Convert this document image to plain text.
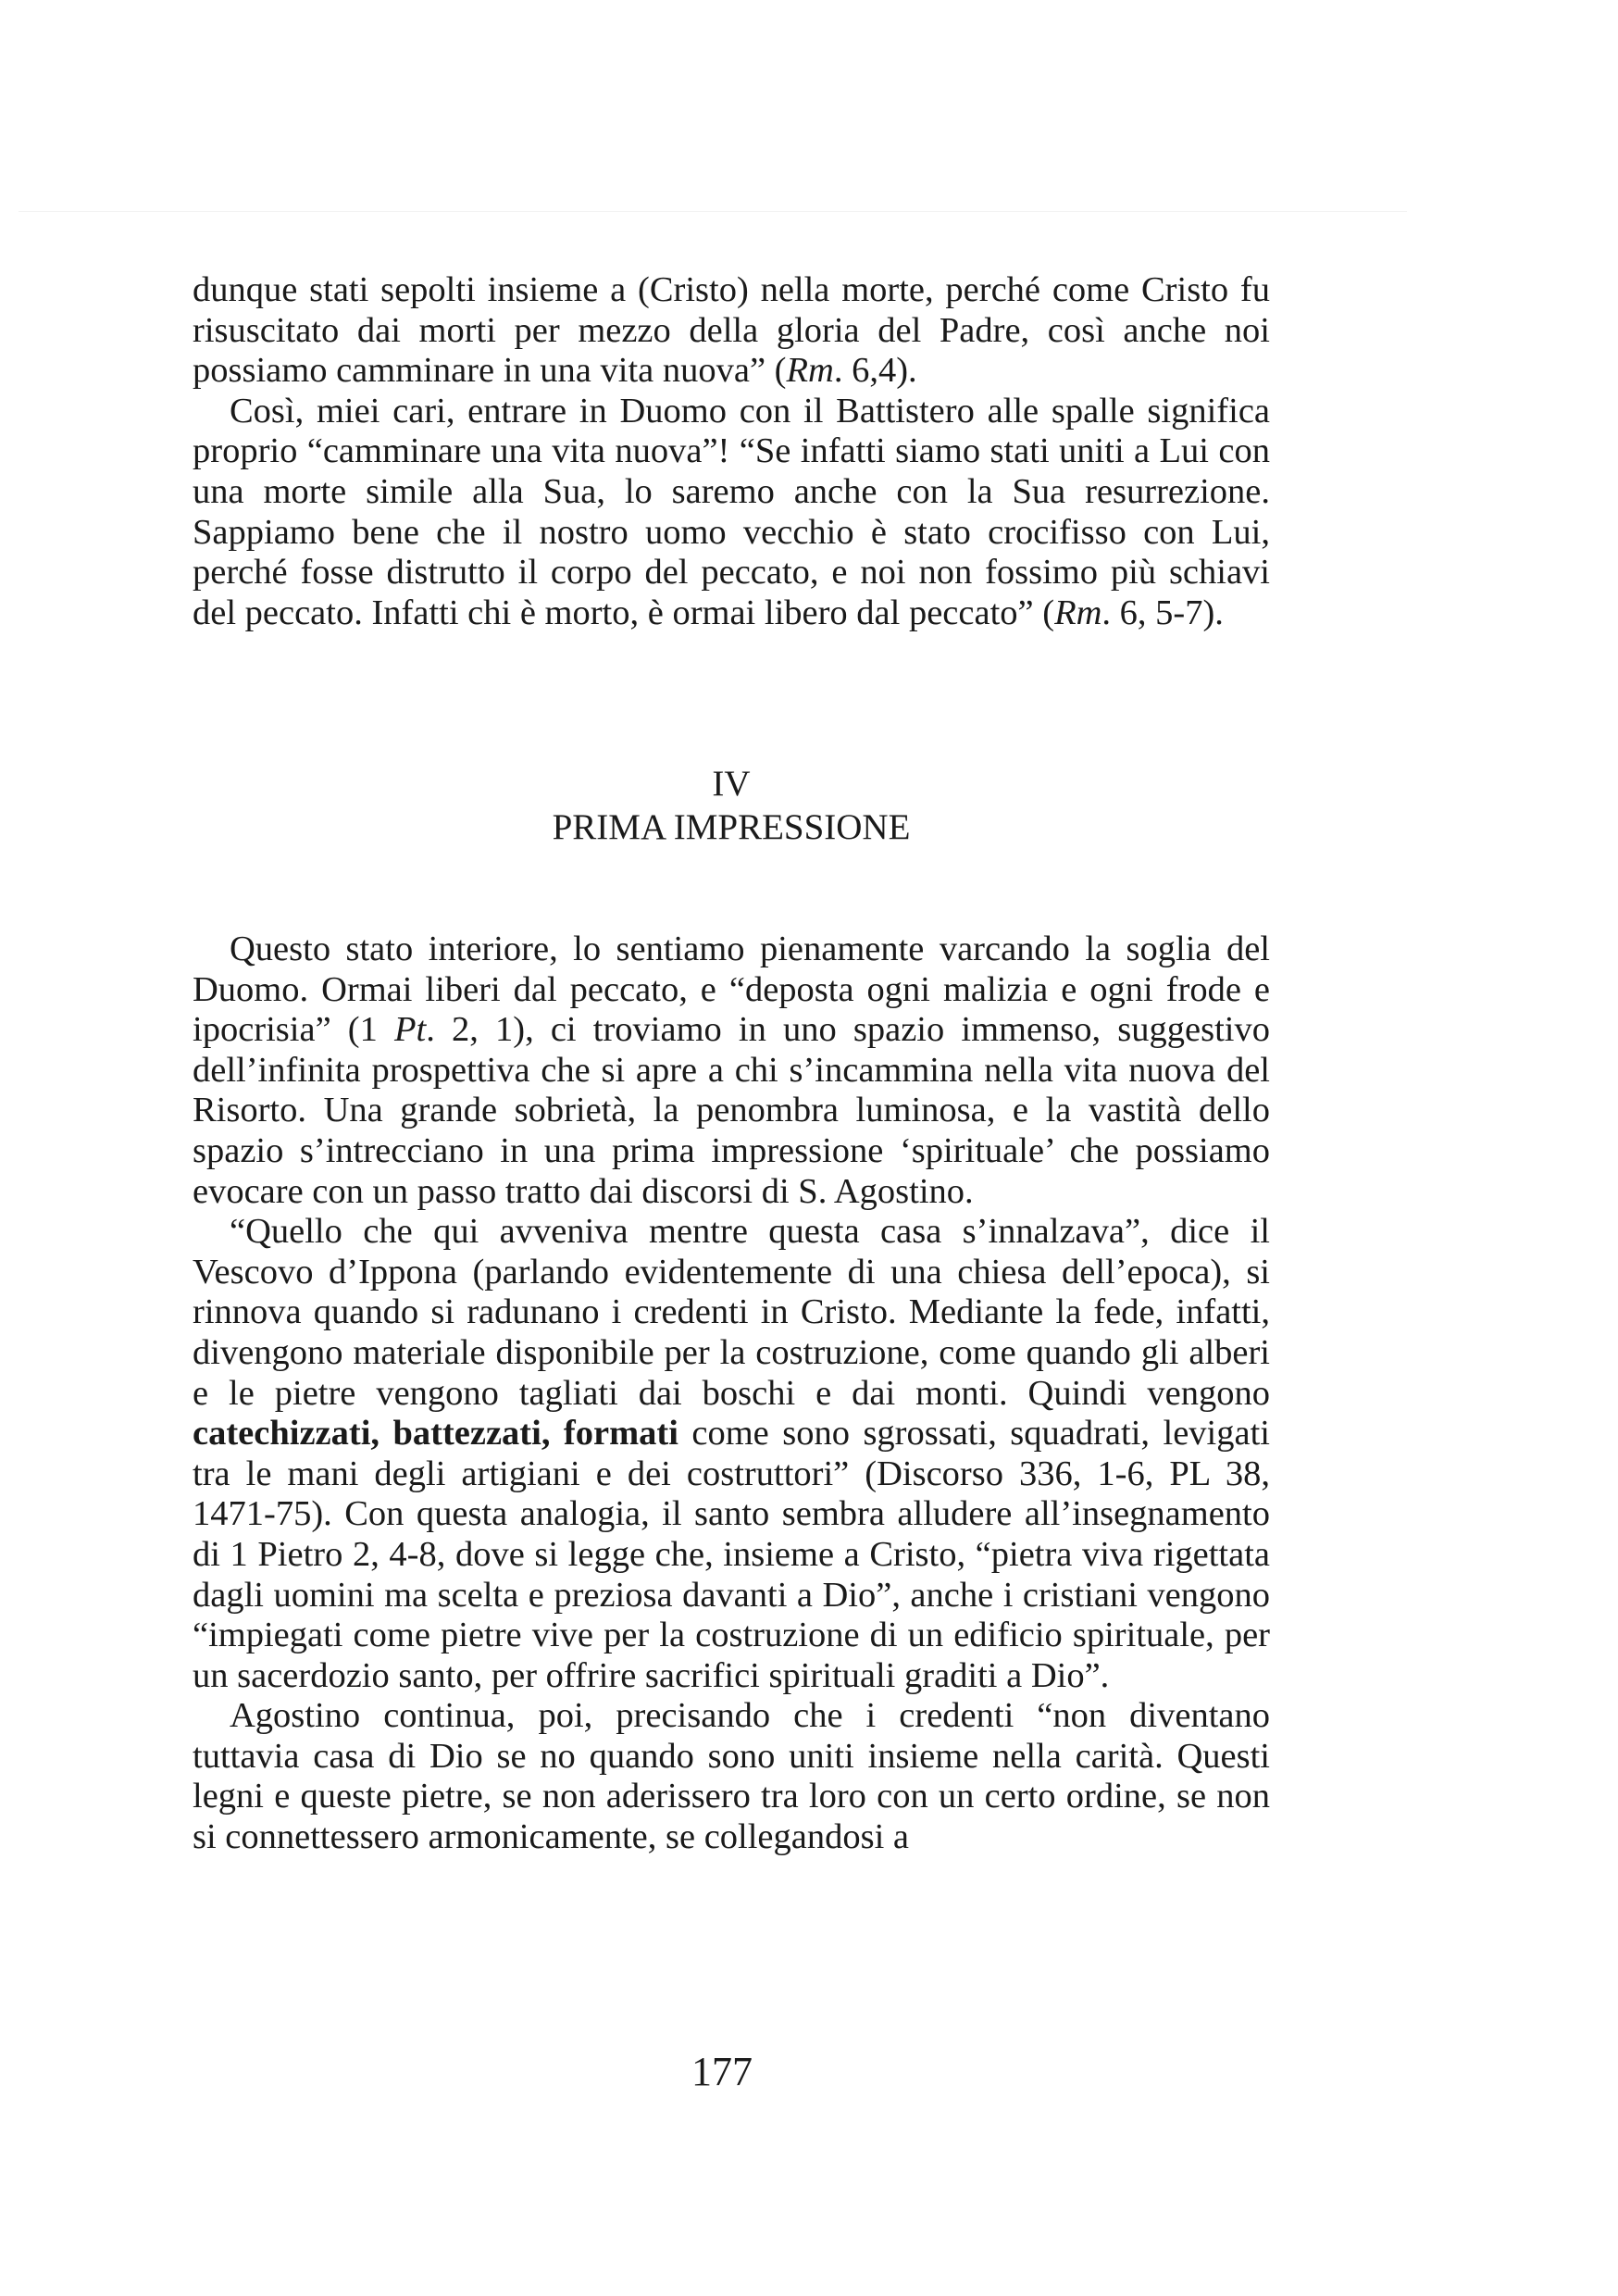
dunque stati sepolti insieme a (Cristo) nella morte, perché come Cristo fu risuscitato dai morti per mezzo della gloria del Padre, così anche noi possiamo camminare in una vita nuova” (Rm. 6,4).

Così, miei cari, entrare in Duomo con il Battistero alle spalle significa proprio “camminare una vita nuova”! “Se infatti siamo stati uniti a Lui con una morte simile alla Sua, lo saremo anche con la Sua resurrezione. Sappiamo bene che il nostro uomo vecchio è stato crocifisso con Lui, perché fosse distrutto il corpo del peccato, e noi non fossimo più schiavi del peccato. Infatti chi è morto, è ormai libero dal peccato” (Rm. 6, 5-7).

IV
PRIMA IMPRESSIONE

Questo stato interiore, lo sentiamo pienamente varcando la soglia del Duomo. Ormai liberi dal peccato, e “deposta ogni malizia e ogni frode e ipocrisia” (1 Pt. 2, 1), ci troviamo in uno spazio immenso, suggestivo dell’infinita prospettiva che si apre a chi s’incammina nella vita nuova del Risorto. Una grande sobrietà, la penombra luminosa, e la vastità dello spazio s’intrecciano in una prima impressione ‘spirituale’ che possiamo evocare con un passo tratto dai discorsi di S. Agostino.

“Quello che qui avveniva mentre questa casa s’innalzava”, dice il Vescovo d’Ippona (parlando evidentemente di una chiesa dell’epoca), si rinnova quando si radunano i credenti in Cristo. Mediante la fede, infatti, divengono materiale disponibile per la costruzione, come quando gli alberi e le pietre vengono tagliati dai boschi e dai monti. Quindi vengono catechizzati, battezzati, formati come sono sgrossati, squadrati, levigati tra le mani degli artigiani e dei costruttori” (Discorso 336, 1-6, PL 38, 1471-75). Con questa analogia, il santo sembra alludere all’insegnamento di 1 Pietro 2, 4-8, dove si legge che, insieme a Cristo, “pietra viva rigettata dagli uomini ma scelta e preziosa davanti a Dio”, anche i cristiani vengono “impiegati come pietre vive per la costruzione di un edificio spirituale, per un sacerdozio santo, per offrire sacrifici spirituali graditi a Dio”.

Agostino continua, poi, precisando che i credenti “non diventano tuttavia casa di Dio se no quando sono uniti insieme nella carità. Questi legni e queste pietre, se non aderissero tra loro con un certo ordine, se non si connettessero armonicamente, se collegandosi a

177
